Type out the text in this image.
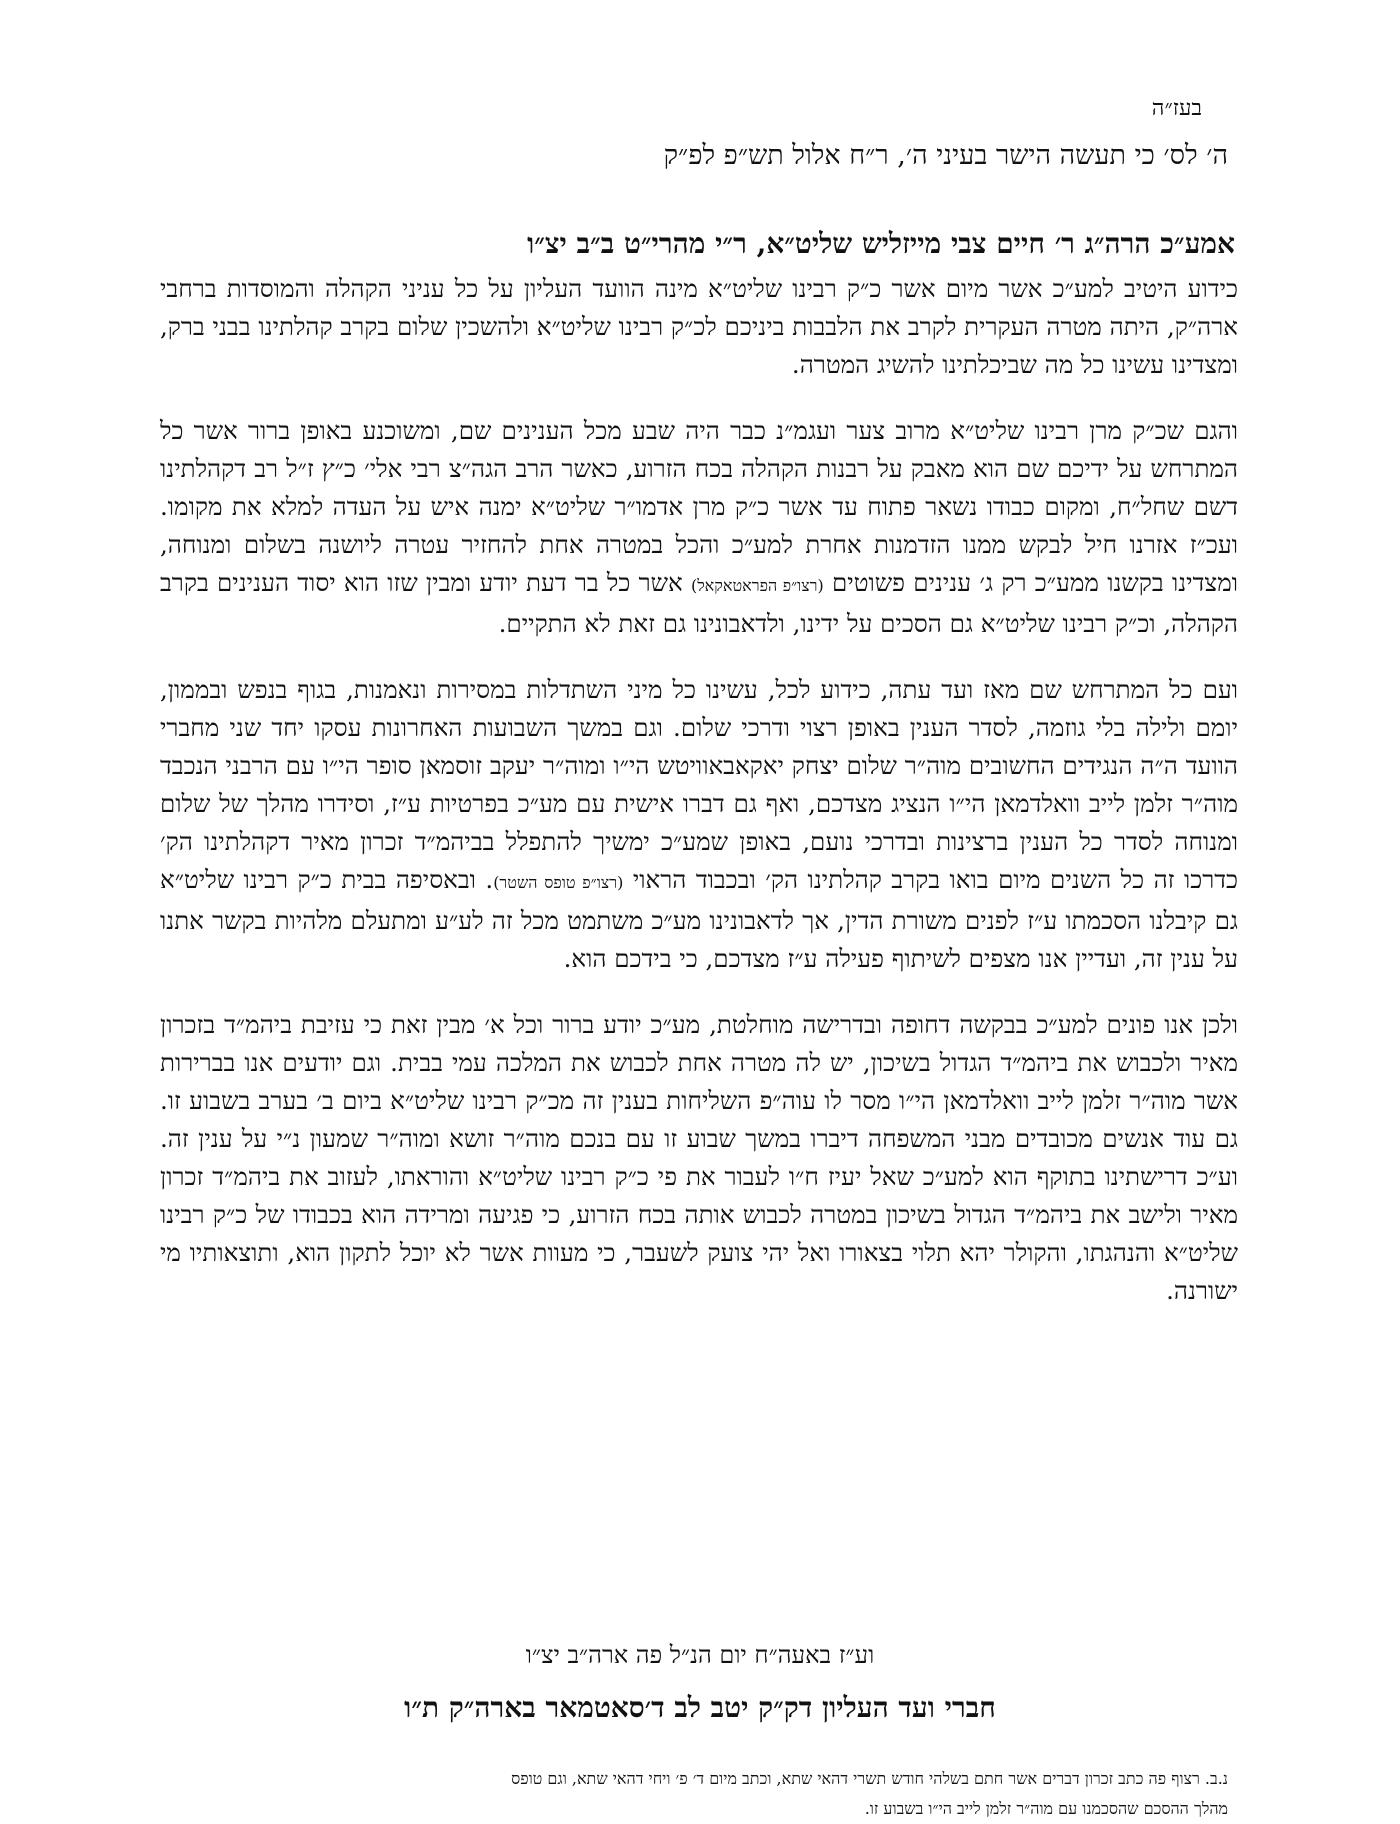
בעז״ה
ה׳ לס׳ כי תעשה הישר בעיני ה׳, ר״ח אלול תש״פ לפ״ק
אמע״כ הרה״ג ר׳ חיים צבי מייזליש שליט״א, ר״י מהרי״ט ב״ב יצ״ו

כידוע היטיב למע״כ אשר מיום אשר כ״ק רבינו שליט״א מינה הוועד העליון על כל עניני הקהלה והמוסדות ברחבי ארה״ק, היתה מטרה העקרית לקרב את הלבבות ביניכם לכ״ק רבינו שליט״א ולהשכין שלום בקרב קהלתינו בבני ברק, ומצדינו עשינו כל מה שביכלתינו להשיג המטרה.

והגם שכ״ק מרן רבינו שליט״א מרוב צער ועגמ״נ כבר היה שבע מכל הענינים שם, ומשוכנע באופן ברור אשר כל המתרחש על ידיכם שם הוא מאבק על רבנות הקהלה בכח הזרוע, כאשר הרב הגה״צ רבי אלי׳ כ״ץ ז״ל רב דקהלתינו דשם שחל״ח, ומקום כבודו נשאר פתוח עד אשר כ״ק מרן אדמו״ר שליט״א ימנה איש על העדה למלא את מקומו. ועכ״ז אזרנו חיל לבקש ממנו הזדמנות אחרת למע״כ והכל במטרה אחת להחזיר עטרה ליושנה בשלום ומנוחה, ומצדינו בקשנו ממע״כ רק ג׳ ענינים פשוטים (רצו״פ הפראטאקאל) אשר כל בר דעת יודע ומבין שזו הוא יסוד הענינים בקרב הקהלה, וכ״ק רבינו שליט״א גם הסכים על ידינו, ולדאבונינו גם זאת לא התקיים.

ועם כל המתרחש שם מאז ועד עתה, כידוע לכל, עשינו כל מיני השתדלות במסירות ונאמנות, בגוף בנפש ובממון, יומם ולילה בלי גוזמה, לסדר הענין באופן רצוי ודרכי שלום. וגם במשך השבועות האחרונות עסקו יחד שני מחברי הוועד ה״ה הנגידים החשובים מוה״ר שלום יצחק יאקאבאוויטש הי״ו ומוה״ר יעקב זוסמאן סופר הי״ו עם הרבני הנכבד מוה״ר זלמן לייב וואלדמאן הי״ו הנציג מצדכם, ואף גם דברו אישית עם מע״כ בפרטיות ע״ז, וסידרו מהלך של שלום ומנוחה לסדר כל הענין ברצינות ובדרכי נועם, באופן שמע״כ ימשיך להתפלל בביהמ״ד זכרון מאיר דקהלתינו הק׳ כדרכו זה כל השנים מיום בואו בקרב קהלתינו הק׳ ובכבוד הראוי (רצו״פ טופס השטר). ובאסיפה בבית כ״ק רבינו שליט״א גם קיבלנו הסכמתו ע״ז לפנים משורת הדין, אך לדאבונינו מע״כ משתמט מכל זה לע״ע ומתעלם מלהיות בקשר אתנו על ענין זה, ועדיין אנו מצפים לשיתוף פעילה ע״ז מצדכם, כי בידכם הוא.

ולכן אנו פונים למע״כ בבקשה דחופה ובדרישה מוחלטת, מע״כ יודע ברור וכל א׳ מבין זאת כי עזיבת ביהמ״ד בזכרון מאיר ולכבוש את ביהמ״ד הגדול בשיכון, יש לה מטרה אחת לכבוש את המלכה עמי בבית. וגם יודעים אנו בברירות אשר מוה״ר זלמן לייב וואלדמאן הי״ו מסר לו עוה״פ השליחות בענין זה מכ״ק רבינו שליט״א ביום ב׳ בערב בשבוע זו. גם עוד אנשים מכובדים מבני המשפחה דיברו במשך שבוע זו עם בנכם מוה״ר זושא ומוה״ר שמעון נ״י על ענין זה. וע״כ דרישתינו בתוקף הוא למע״כ שאל יעיז ח״ו לעבור את פי כ״ק רבינו שליט״א והוראתו, לעזוב את ביהמ״ד זכרון מאיר ולישב את ביהמ״ד הגדול בשיכון במטרה לכבוש אותה בכח הזרוע, כי פגיעה ומרידה הוא בכבודו של כ״ק רבינו שליט״א והנהגתו, והקולר יהא תלוי בצאורו ואל יהי צועק לשעבר, כי מעוות אשר לא יוכל לתקון הוא, ותוצאותיו מי ישורנה.

וע״ז באעה״ח יום הנ״ל פה ארה״ב יצ״ו
חברי ועד העליון דק״ק יטב לב ד׳סאטמאר בארה״ק ת״ו
נ.ב. רצוף פה כתב זכרון דברים אשר חתם בשלהי חודש תשרי דהאי שתא, וכתב מיום ד׳ פ׳ ויחי דהאי שתא, וגם טופס
מהלך ההסכם שהסכמנו עם מוה״ר זלמן לייב הי״ו בשבוע זו.
